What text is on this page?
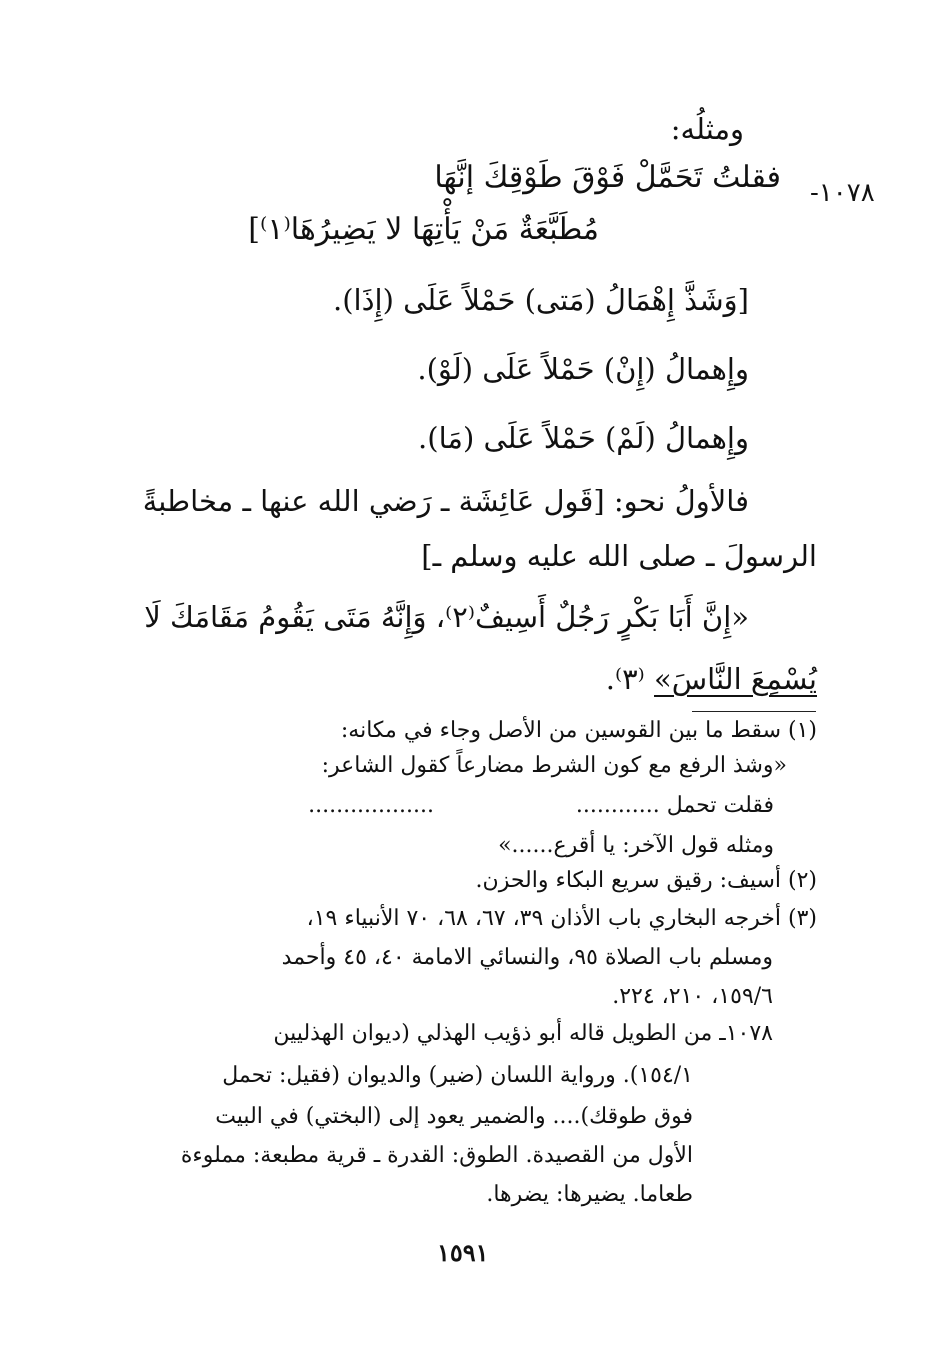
ومثلُه:
-١٠٧٨
فقلتُ تَحَمَّلْ فَوْقَ طَوْقِكَ إنَّهَا
مُطَبَّعَةٌ مَنْ يَأْتِهَا لا يَضِيرُهَا⁽١⁾]
[وَشَذَّ إِهْمَالُ (مَتى) حَمْلاً عَلَى (إِذَا).
وإِهمالُ (إِنْ) حَمْلاً عَلَى (لَوْ).
وإِهمالُ (لَمْ) حَمْلاً عَلَى (مَا).
فالأولُ نحو: [قَول عَائِشَة ـ رَضي الله عنها ـ مخاطبةً
الرسولَ ـ صلى الله عليه وسلم ـ]
«إِنَّ أَبَا بَكْرٍ رَجُلٌ أَسِيفٌ⁽٢⁾، وَإِنَّهُ مَتَى يَقُومُ مَقَامَكَ لَا
يُسْمِعَ النَّاسَ» ⁽٣⁾.
(١) سقط ما بين القوسين من الأصل وجاء في مكانه:
«وشذ الرفع مع كون الشرط مضارعاً كقول الشاعر:
فقلت تحمل ............
..................
ومثله قول الآخر: يا أقرع......»
(٢) أسيف: رقيق سريع البكاء والحزن.
(٣) أخرجه البخاري باب الأذان ٣٩، ٦٧، ٦٨، ٧٠ الأنبياء ١٩،
ومسلم باب الصلاة ٩٥، والنسائي الامامة ٤٠، ٤٥ وأحمد
١٥٩/٦، ٢١٠، ٢٢٤.
١٠٧٨ـ من الطويل قاله أبو ذؤيب الهذلي (ديوان الهذليين
١٥٤/١). ورواية اللسان (ضير) والديوان (فقيل: تحمل
فوق طوقك).... والضمير يعود إلى (البختي) في البيت
الأول من القصيدة. الطوق: القدرة ـ قرية مطبعة: مملوءة
طعاما. يضيرها: يضرها.
١٥٩١
